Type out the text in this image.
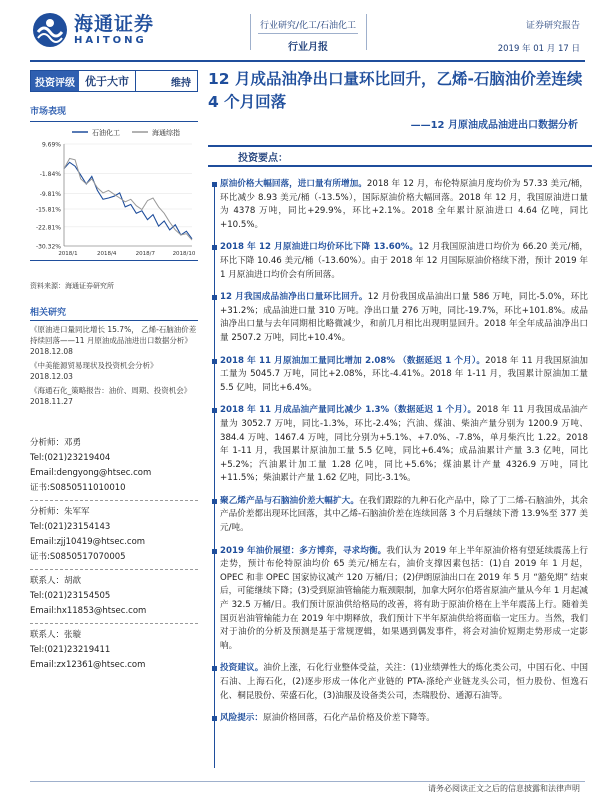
海通证券
HAITONG
行业研究/化工/石油化工
行业月报
证券研究报告
2019 年 01 月 17 日
投资评级 优于大市	维持
市场表现
石油化工	海通综指
9.69%
-1.84%
-9.81%
-15.81%
-22.81%
-30.32%
2018/1	2018/4	2018/7	2018/10
资料来源：海通证券研究所
相关研究
《原油进口量同比增长 15.7%， 乙烯-石脑油价差持续回落——11 月原油成品油进出口数据分析》 2018.12.08
《中美能源贸易现状及投资机会分析》 2018.12.03
《海通石化_策略报告：油价、周期、投资机会》 2018.11.27
分析师：邓勇
Tel:(021)23219404
Email:dengyong@htsec.com
证书:S0850511010010
分析师：朱军军
Tel:(021)23154143
Email:zjj10419@htsec.com
证书:S0850517070005
联系人：胡歆
Tel:(021)23154505
Email:hx11853@htsec.com
联系人：张璇
Tel:(021)23219411
Email:zx12361@htsec.com
12 月成品油净出口量环比回升，乙烯-石脑油价差连续 4 个月回落
——12 月原油成品油进出口数据分析
投资要点：
原油价格大幅回落，进口量有所增加。2018 年 12 月，布伦特原油月度均价为 57.33 美元/桶，环比减少 8.93 美元/桶（-13.5%），国际原油价格大幅回落。2018 年 12 月，我国原油进口量为 4378 万吨，同比+29.9%，环比+2.1%。2018 全年累计原油进口 4.64 亿吨，同比+10.5%。
2018 年 12 月原油进口均价环比下降 13.60%。12 月我国原油进口均价为 66.20 美元/桶，环比下降 10.46 美元/桶（-13.60%）。由于 2018 年 12 月国际原油价格续下滑，预计 2019 年 1 月原油进口均价会有所回落。
12 月我国成品油净出口量环比回升。12 月份我国成品油出口量 586 万吨，同比-5.0%，环比+31.2%；成品油进口量 310 万吨。净出口量 276 万吨，同比-19.7%，环比+101.8%。成品油净出口量与去年同期相比略微减少，和前几月相比出现明显回升。2018 年全年成品油净出口量 2507.2 万吨，同比+10.4%。
2018 年 11 月原油加工量同比增加 2.08% （数据延迟 1 个月）。2018 年 11 月我国原油加工量为 5045.7 万吨，同比+2.08%，环比-4.41%。2018 年 1-11 月，我国累计原油加工量 5.5 亿吨，同比+6.4%。
2018 年 11 月成品油产量同比减少 1.3%（数据延迟 1 个月）。2018 年 11 月我国成品油产量为 3052.7 万吨，同比-1.3%，环比-2.4%；汽油、煤油、柴油产量分别为 1200.9 万吨、384.4 万吨、1467.4 万吨，同比分别为+5.1%、+7.0%、-7.8%，单月柴汽比 1.22。2018 年 1-11 月，我国累计原油加工量 5.5 亿吨，同比+6.4%；成品油累计产量 3.3 亿吨，同比+5.2%；汽油累计加工量 1.28 亿吨，同比+5.6%；煤油累计产量 4326.9 万吨，同比+11.5%；柴油累计产量 1.62 亿吨，同比-3.1%。
聚乙烯产品与石脑油价差大幅扩大。在我们跟踪的九种石化产品中，除了丁二烯-石脑油外，其余产品价差都出现环比回落，其中乙烯-石脑油价差在连续回落 3 个月后继续下滑 13.9%至 377 美元/吨。
2019 年油价展望：多方博弈，寻求均衡。我们认为 2019 年上半年原油价格有望延续震荡上行走势，预计布伦特原油均价 65 美元/桶左右，油价支撑因素包括：(1)自 2019 年 1 月起，OPEC 和非 OPEC 国家协议减产 120 万桶/日；(2)伊朗原油出口在 2019 年 5 月 “豁免期” 结束后，可能继续下降；(3)受到原油管输能力瓶颈限制，加拿大阿尔伯塔省原油产量从今年 1 月起减产 32.5 万桶/日。我们预计原油供给格局的改善，将有助于原油价格在上半年震荡上行。随着美国页岩油管输能力在 2019 年中期释放，我们预计下半年原油供给将面临一定压力。当然，我们对于油价的分析及预测是基于常规逻辑，如果遇到偶发事件，将会对油价短期走势形成一定影响。
投资建议。油价上涨，石化行业整体受益，关注：(1)业绩弹性大的炼化类公司，中国石化、中国石油、上海石化，(2)逐步形成一体化产业链的 PTA-涤纶产业链龙头公司，恒力股份、恒逸石化、桐昆股份、荣盛石化，(3)油服及设备类公司，杰瑞股份、通源石油等。
风险提示：原油价格回落，石化产品价格及价差下降等。
请务必阅读正文之后的信息披露和法律声明
